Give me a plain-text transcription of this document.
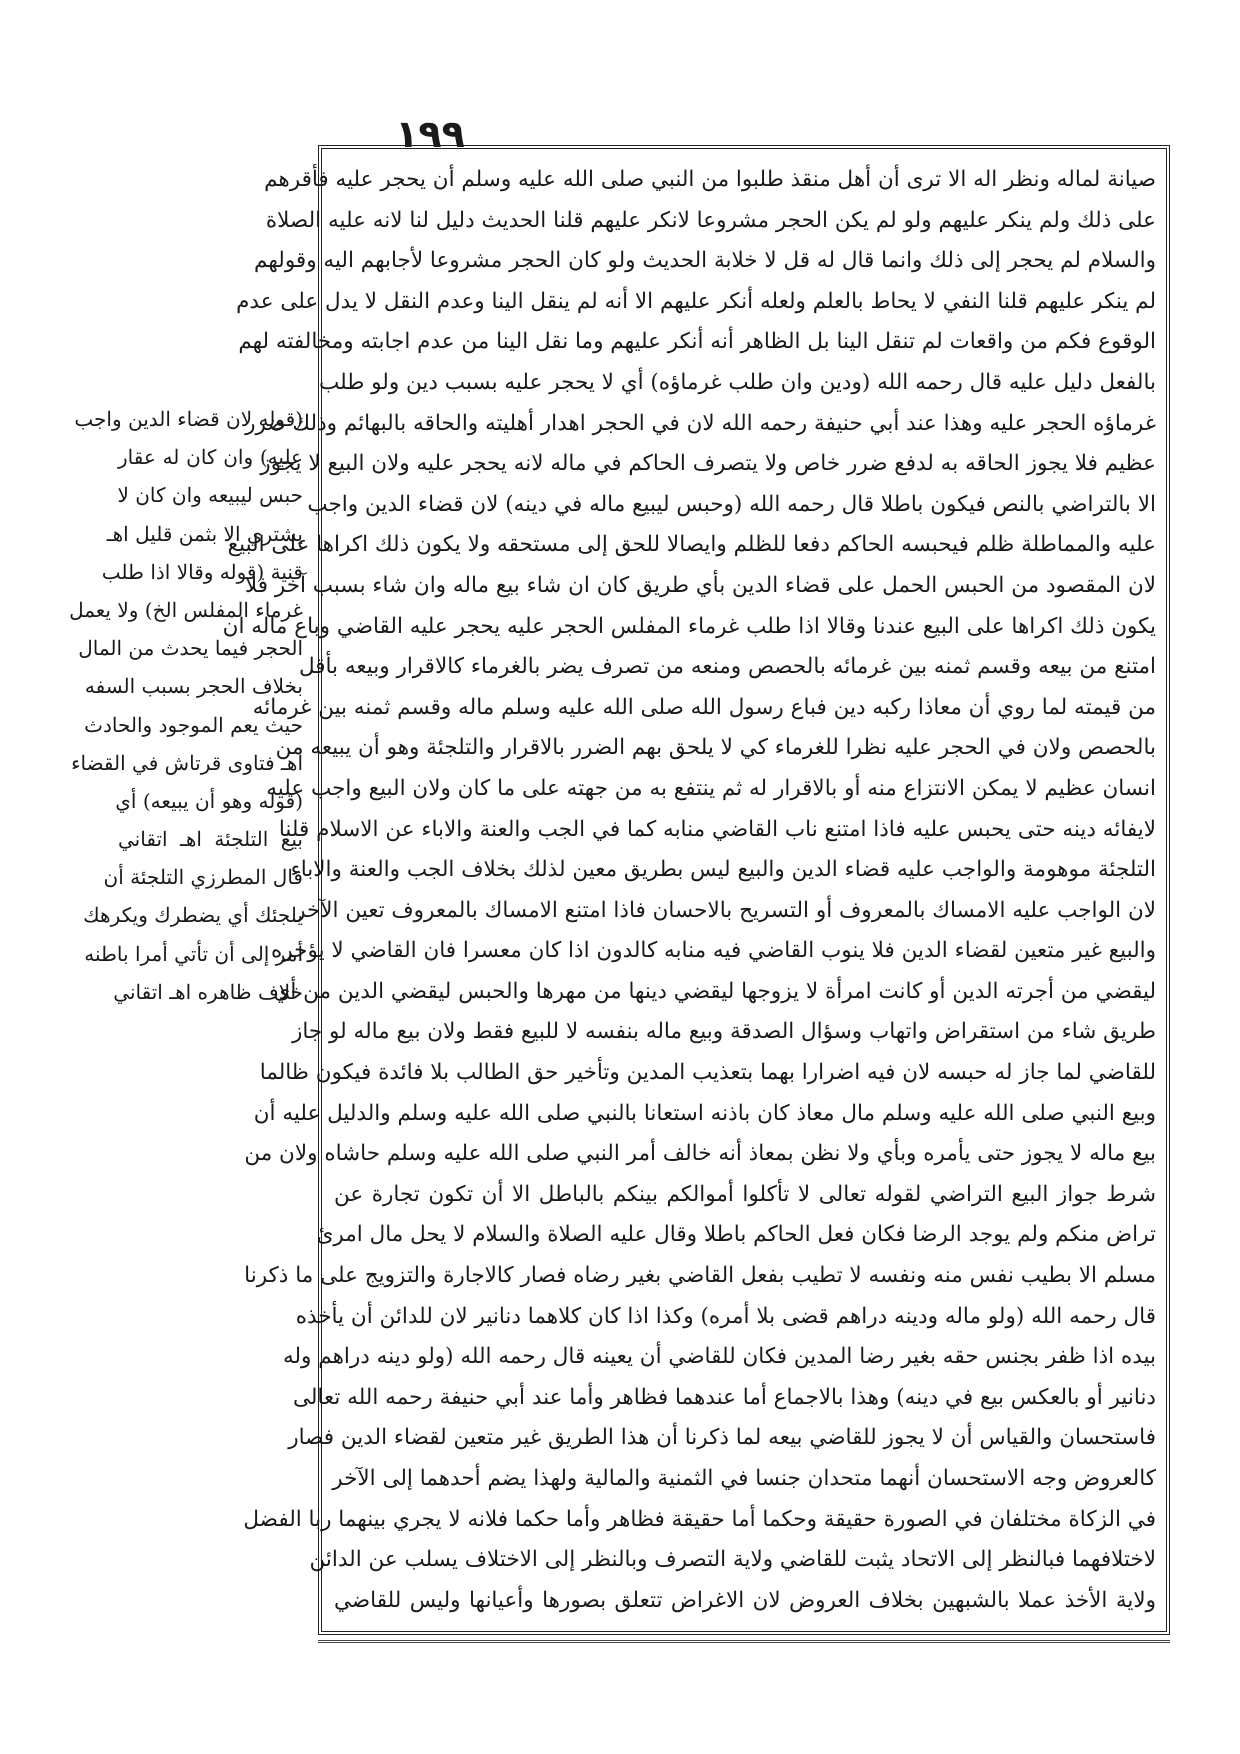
١٩٩
صيانة لماله ونظر اله الا ترى أن أهل منقذ طلبوا من النبي صلى الله عليه وسلم أن يحجر عليه فأقرهم
على ذلك ولم ينكر عليهم ولو لم يكن الحجر مشروعا لانكر عليهم قلنا الحديث دليل لنا لانه عليه الصلاة
والسلام لم يحجر إلى ذلك وانما قال له قل لا خلابة الحديث ولو كان الحجر مشروعا لأجابهم اليه وقولهم
لم ينكر عليهم قلنا النفي لا يحاط بالعلم ولعله أنكر عليهم الا أنه لم ينقل الينا وعدم النقل لا يدل على عدم
الوقوع فكم من واقعات لم تنقل الينا بل الظاهر أنه أنكر عليهم وما نقل الينا من عدم اجابته ومخالفته لهم
بالفعل دليل عليه قال رحمه الله (ودين وان طلب غرماؤه) أي لا يحجر عليه بسبب دين ولو طلب
غرماؤه الحجر عليه وهذا عند أبي حنيفة رحمه الله لان في الحجر اهدار أهليته والحاقه بالبهائم وذلك ضرر
عظيم فلا يجوز الحاقه به لدفع ضرر خاص ولا يتصرف الحاكم في ماله لانه يحجر عليه ولان البيع لا يجوز
الا بالتراضي بالنص فيكون باطلا قال رحمه الله (وحبس ليبيع ماله في دينه) لان قضاء الدين واجب
عليه والمماطلة ظلم فيحبسه الحاكم دفعا للظلم وايصالا للحق إلى مستحقه ولا يكون ذلك اكراها على البيع
لان المقصود من الحبس الحمل على قضاء الدين بأي طريق كان ان شاء بيع ماله وان شاء بسبب آخر فلا
يكون ذلك اكراها على البيع عندنا وقالا اذا طلب غرماء المفلس الحجر عليه يحجر عليه القاضي وباع ماله ان
امتنع من بيعه وقسم ثمنه بين غرمائه بالحصص ومنعه من تصرف يضر بالغرماء كالاقرار وبيعه بأقل
من قيمته لما روي أن معاذا ركبه دين فباع رسول الله صلى الله عليه وسلم ماله وقسم ثمنه بين غرمائه
بالحصص ولان في الحجر عليه نظرا للغرماء كي لا يلحق بهم الضرر بالاقرار والتلجئة وهو أن يبيعه من
انسان عظيم لا يمكن الانتزاع منه أو بالاقرار له ثم ينتفع به من جهته على ما كان ولان البيع واجب عليه
لايفائه دينه حتى يحبس عليه فاذا امتنع ناب القاضي منابه كما في الجب والعنة والاباء عن الاسلام قلنا
التلجئة موهومة والواجب عليه قضاء الدين والبيع ليس بطريق معين لذلك بخلاف الجب والعنة والاباء
لان الواجب عليه الامساك بالمعروف أو التسريح بالاحسان فاذا امتنع الامساك بالمعروف تعين الآخر
والبيع غير متعين لقضاء الدين فلا ينوب القاضي فيه منابه كالدون اذا كان معسرا فان القاضي لا يؤجره
ليقضي من أجرته الدين أو كانت امرأة لا يزوجها ليقضي دينها من مهرها والحبس ليقضي الدين من أي
طريق شاء من استقراض واتهاب وسؤال الصدقة وبيع ماله بنفسه لا للبيع فقط ولان بيع ماله لو جاز
للقاضي لما جاز له حبسه لان فيه اضرارا بهما بتعذيب المدين وتأخير حق الطالب بلا فائدة فيكون ظالما
وبيع النبي صلى الله عليه وسلم مال معاذ كان باذنه استعانا بالنبي صلى الله عليه وسلم والدليل عليه أن
بيع ماله لا يجوز حتى يأمره وبأي ولا نظن بمعاذ أنه خالف أمر النبي صلى الله عليه وسلم حاشاه ولان من
شرط جواز البيع التراضي لقوله تعالى لا تأكلوا أموالكم بينكم بالباطل الا أن تكون تجارة عن
تراض منكم ولم يوجد الرضا فكان فعل الحاكم باطلا وقال عليه الصلاة والسلام لا يحل مال امرئ
مسلم الا بطيب نفس منه ونفسه لا تطيب بفعل القاضي بغير رضاه فصار كالاجارة والتزويج على ما ذكرنا
قال رحمه الله (ولو ماله ودينه دراهم قضى بلا أمره) وكذا اذا كان كلاهما دنانير لان للدائن أن يأخذه
بيده اذا ظفر بجنس حقه بغير رضا المدين فكان للقاضي أن يعينه قال رحمه الله (ولو دينه دراهم وله
دنانير أو بالعكس بيع في دينه) وهذا بالاجماع أما عندهما فظاهر وأما عند أبي حنيفة رحمه الله تعالى
فاستحسان والقياس أن لا يجوز للقاضي بيعه لما ذكرنا أن هذا الطريق غير متعين لقضاء الدين فصار
كالعروض وجه الاستحسان أنهما متحدان جنسا في الثمنية والمالية ولهذا يضم أحدهما إلى الآخر
في الزكاة مختلفان في الصورة حقيقة وحكما أما حقيقة فظاهر وأما حكما فلانه لا يجري بينهما ربا الفضل
لاختلافهما فبالنظر إلى الاتحاد يثبت للقاضي ولاية التصرف وبالنظر إلى الاختلاف يسلب عن الدائن
ولاية الأخذ عملا بالشبهين بخلاف العروض لان الاغراض تتعلق بصورها وأعيانها وليس للقاضي
(قوله لان قضاء الدين واجب
عليه) وان كان له عقار
حبس ليبيعه وان كان لا
يشتري الا بثمن قليل اهـ
قنية (قوله وقالا اذا طلب
غرماء المفلس الخ) ولا يعمل
الحجر فيما يحدث من المال
بخلاف الحجر بسبب السفه
حيث يعم الموجود والحادث
اهـ فتاوى قرتاش في القضاء
(قوله وهو أن يبيعه) أي
بيع التلجئة اهـ اتقاني
قال المطرزي التلجئة أن
يلجئك أي يضطرك ويكرهك
أمر إلى أن تأتي أمرا باطنه
خلاف ظاهره اهـ اتقاني
